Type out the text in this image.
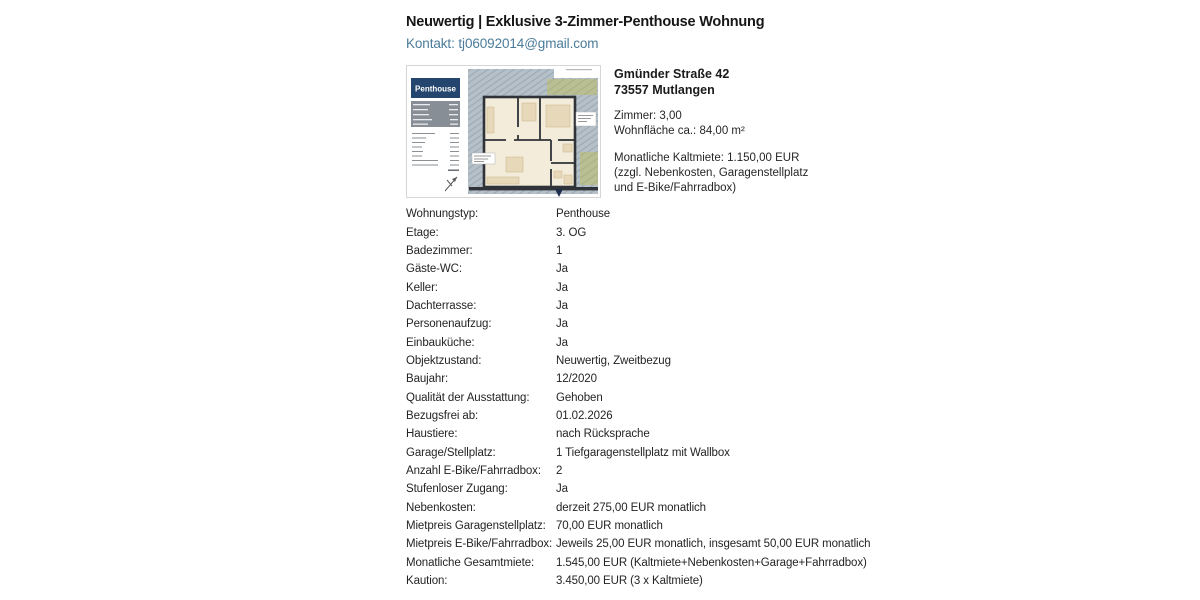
Neuwertig | Exklusive 3-Zimmer-Penthouse Wohnung
Kontakt: tj06092014@gmail.com
Penthouse
Gmünder Straße 42
73557 Mutlangen
Zimmer: 3,00
Wohnfläche ca.: 84,00 m²
Monatliche Kaltmiete: 1.150,00 EUR
(zzgl. Nebenkosten, Garagenstellplatz
und E-Bike/Fahrradbox)
Wohnungstyp:	Penthouse
Etage:	3. OG
Badezimmer:	1
Gäste-WC:	Ja
Keller:	Ja
Dachterrasse:	Ja
Personenaufzug:	Ja
Einbauküche:	Ja
Objektzustand:	Neuwertig, Zweitbezug
Baujahr:	12/2020
Qualität der Ausstattung:	Gehoben
Bezugsfrei ab:	01.02.2026
Haustiere:	nach Rücksprache
Garage/Stellplatz:	1 Tiefgaragenstellplatz mit Wallbox
Anzahl E-Bike/Fahrradbox:	2
Stufenloser Zugang:	Ja
Nebenkosten:	derzeit 275,00 EUR monatlich
Mietpreis Garagenstellplatz: 70,00 EUR monatlich
Mietpreis E-Bike/Fahrradbox: Jeweils 25,00 EUR monatlich, insgesamt 50,00 EUR monatlich
Monatliche Gesamtmiete:	1.545,00 EUR (Kaltmiete+Nebenkosten+Garage+Fahrradbox)
Kaution:	3.450,00 EUR (3 x Kaltmiete)
